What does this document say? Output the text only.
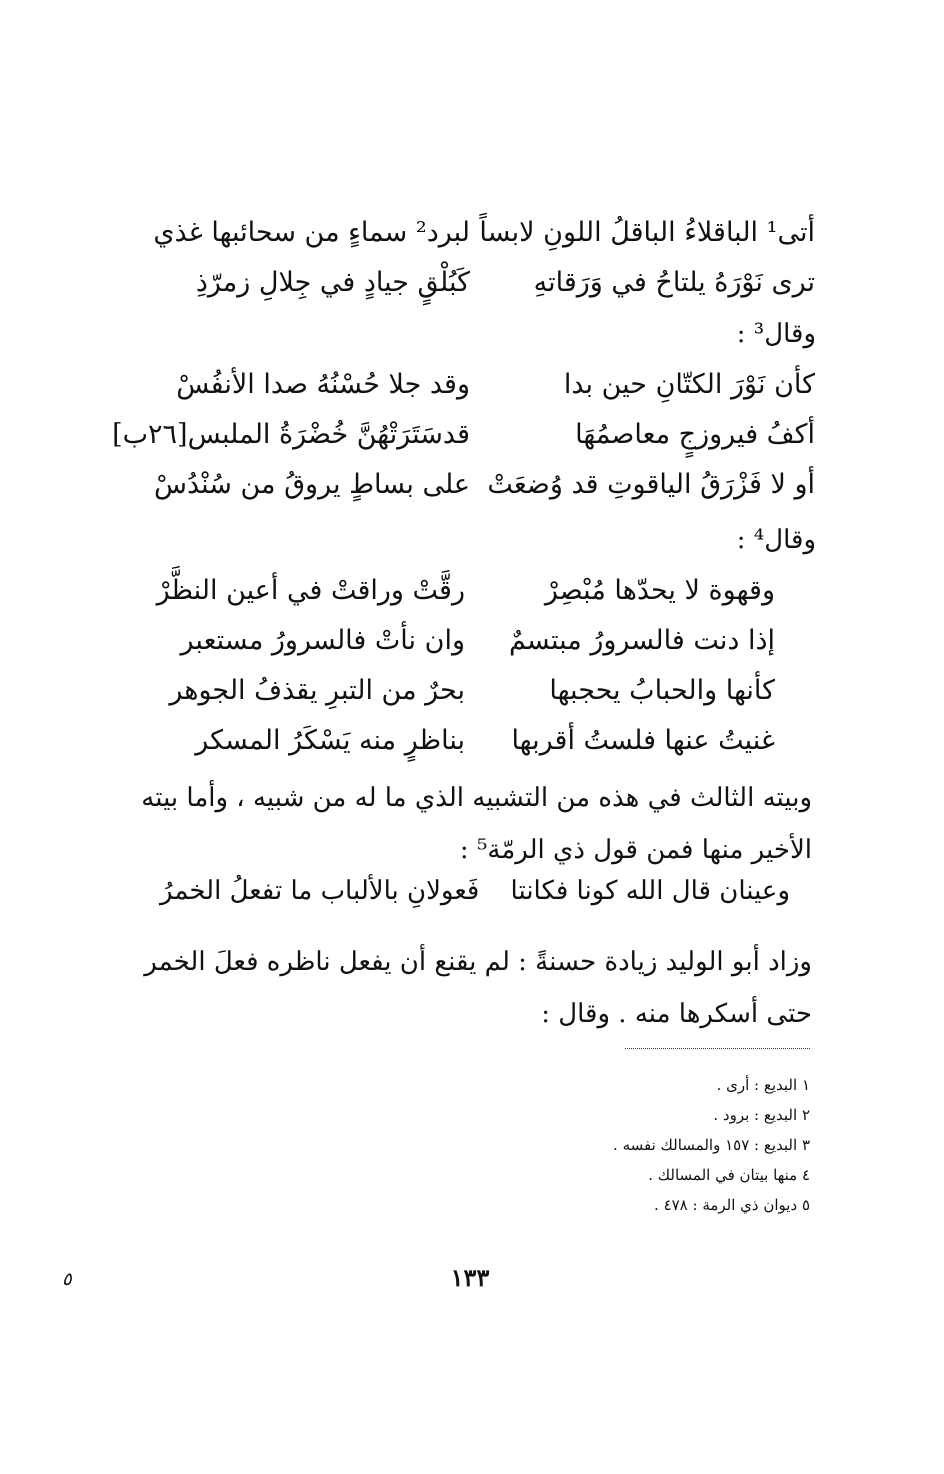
أتى¹ الباقلاءُ الباقلُ اللونِ لابساً
لبرد² سماءٍ من سحائبها غذي
ترى نَوْرَهُ يلتاحُ في وَرَقاتهِ
كَبُلْقٍ جيادٍ في جِلالِ زمرّذِ
وقال³ :
كأن نَوْرَ الكتّانِ حين بدا
وقد جلا حُسْنُهُ صدا الأنفُسْ
أكفُ فيروزجٍ معاصمُهَا
قدسَتَرَتْهُنَّ خُضْرَةُ الملبس[٢٦ب]
أو لا فَزْرَقُ الياقوتِ قد وُضعَتْ
على بساطٍ يروقُ من سُنْدُسْ
وقال⁴ :
وقهوة لا يحدّها مُبْصِرْ
رقَّتْ وراقتْ في أعين النظَّرْ
إذا دنت فالسرورُ مبتسمٌ
وان نأتْ فالسرورُ مستعبر
كأنها والحبابُ يحجبها
بحرٌ من التبرِ يقذفُ الجوهر
غنيتُ عنها فلستُ أقربها
بناظرٍ منه يَسْكَرُ المسكر
وبيته الثالث في هذه من التشبيه الذي ما له من شبيه ، وأما بيته الأخير منها فمن قول ذي الرمّة⁵ :
وعينان قال الله كونا فكانتا
فَعولانِ بالألباب ما تفعلُ الخمرُ
وزاد أبو الوليد زيادة حسنةً : لم يقنع أن يفعل ناظره فعلَ الخمر حتى أسكرها منه . وقال :
١ البديع : أرى .
٢ البديع : برود .
٣ البديع : ١٥٧ والمسالك نفسه .
٤ منها بيتان في المسالك .
٥ ديوان ذي الرمة : ٤٧٨ .
١٣٣
٥
